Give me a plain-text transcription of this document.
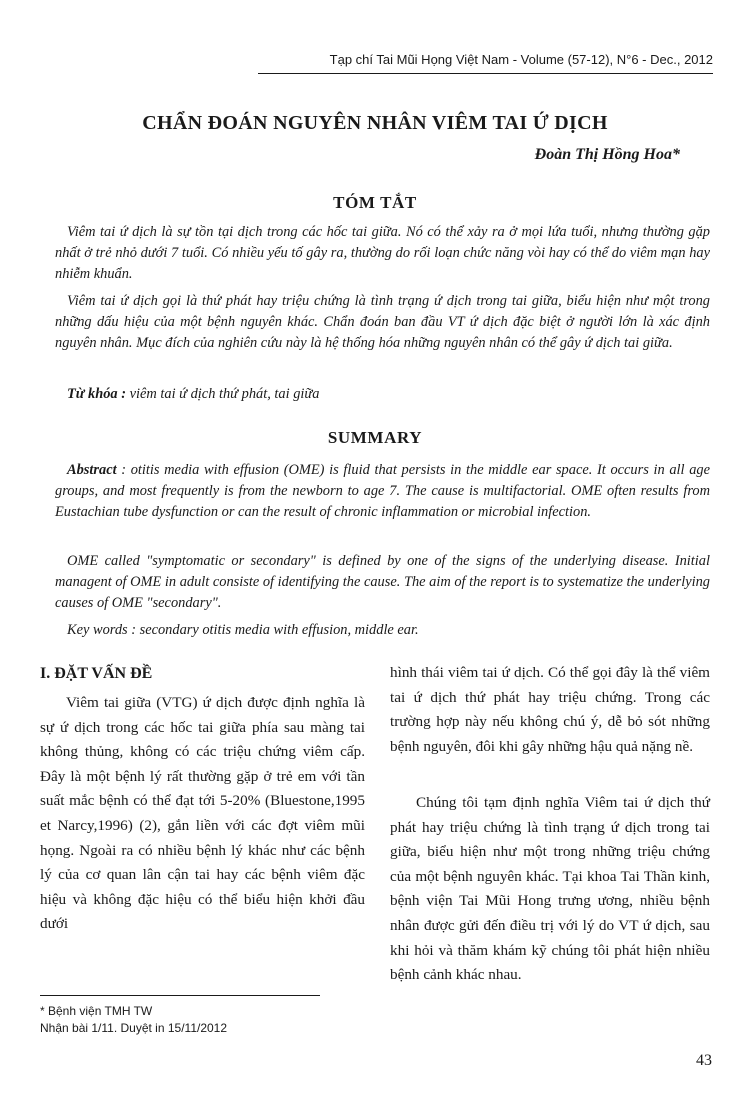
Tạp chí Tai Mũi Họng Việt Nam - Volume (57-12), N°6 - Dec., 2012
CHẨN ĐOÁN NGUYÊN NHÂN VIÊM TAI Ứ DỊCH
Đoàn Thị Hồng Hoa*
TÓM TẮT

Viêm tai ứ dịch là sự tồn tại dịch trong các hốc tai giữa. Nó có thể xảy ra ở mọi lứa tuổi, nhưng thường gặp nhất ở trẻ nhỏ dưới 7 tuổi. Có nhiều yếu tố gây ra, thường do rối loạn chức năng vòi hay có thể do viêm mạn hay nhiễm khuẩn.

Viêm tai ứ dịch gọi là thứ phát hay triệu chứng là tình trạng ứ dịch trong tai giữa, biểu hiện như một trong những dấu hiệu của một bệnh nguyên khác. Chẩn đoán ban đầu VT ứ dịch đặc biệt ở người lớn là xác định nguyên nhân. Mục đích của nghiên cứu này là hệ thống hóa những nguyên nhân có thể gây ứ dịch tai giữa.

Từ khóa : viêm tai ứ dịch thứ phát, tai giữa

SUMMARY

Abstract : otitis media with effusion (OME) is fluid that persists in the middle ear space. It occurs in all age groups, and most frequently is from the newborn to age 7. The cause is multifactorial. OME often results from Eustachian tube dysfunction or can the result of chronic inflammation or microbial infection.

OME called "symptomatic or secondary" is defined by one of the signs of the underlying disease. Initial managent of OME in adult consiste of identifying the cause. The aim of the report is to systematize the underlying causes of OME "secondary".

Key words : secondary otitis media with effusion, middle ear.

I. ĐẶT VẤN ĐỀ

Viêm tai giữa (VTG) ứ dịch được định nghĩa là sự ứ dịch trong các hốc tai giữa phía sau màng tai không thủng, không có các triệu chứng viêm cấp. Đây là một bệnh lý rất thường gặp ở trẻ em với tần suất mắc bệnh có thể đạt tới 5-20% (Bluestone,1995 et Narcy,1996) (2), gắn liền với các đợt viêm mũi họng. Ngoài ra có nhiều bệnh lý khác như các bệnh lý của cơ quan lân cận tai hay các bệnh viêm đặc hiệu và không đặc hiệu có thể biểu hiện khởi đầu dưới

hình thái viêm tai ứ dịch. Có thể gọi đây là thể viêm tai ứ dịch thứ phát hay triệu chứng. Trong các trường hợp này nếu không chú ý, dễ bỏ sót những bệnh nguyên, đôi khi gây những hậu quả nặng nề.

Chúng tôi tạm định nghĩa Viêm tai ứ dịch thứ phát hay triệu chứng là tình trạng ứ dịch trong tai giữa, biểu hiện như một trong những triệu chứng của một bệnh nguyên khác. Tại khoa Tai Thần kinh, bệnh viện Tai Mũi Hong trưng ương, nhiều bệnh nhân được gửi đến điều trị với lý do VT ứ dịch, sau khi hỏi và thăm khám kỹ chúng tôi phát hiện nhiều bệnh cảnh khác nhau.

* Bệnh viện TMH TW
Nhận bài 1/11. Duyệt in 15/11/2012
43
